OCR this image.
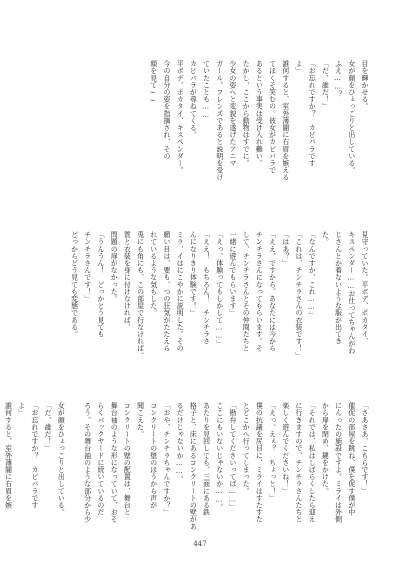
目を輝かせる。

女が顔をひょっこりと出している。

ふえ……？

「だ、誰だ！」

「お忘れですか？　カピバラです

よ」

誰何すると、室外薄闇に右眉を嫉える

てほくそ笑むの。彼女がカピバラで

あるという事実は受け入れ難い。

たかし、ここから動物はすでに。

少女の姿へと変貌を遂げたアニマ

ガール。フレンズであると説明を受け

ていたことも……

カピバラが尋ねてくる。

平ボデ、ポカタイ、キスペンダー。

今の自分の姿を指摘され、その

顔を見て──

見守っていた。平ボデ、ポカタイ、

キスペンダー……お仕ってちゃんがわ

じさんとか着ないような服が出てき

た。

「なんですか、これ……」

「これは、チンチラさんの衣装です！」

「はあ？」

「ええ、ですから、あなたには今から

チンチラさんになってもらいます。そ

して、チンチラさんとその仲間たちと

一緒に遊んでもらいます」

「えっ、体験ってもしかして……」

「ええ！　もちろん！　チンチラさ

んになりきり体験です！」

ミラ、イはにこやかに説明した。その

願い目は、要も、つの狂気がたたえら

れているような気もした。

兎にも角にも、この部屋で行なければ、

質と衣装を身に付けなければ、

問題の扉がなかった。

「うんうん！　どっかとう見ても

チンチラさんです！」

どっからどう見ても変態である。

「さあさあ、こちらです！」

催促の部屋を跳ね、僕を促す僕が中

にんったの施設ですよ。ミライは外側

から扉を閉め、鍵をかけた。

「それでは、私はしばらくしたら迎え

に行きますので、チンチラさんたちと

楽しく遊んでくださいね！」

「えっ、えぇ？　ちょっと！」

僕の抗議を尻目に、ミライはすたすた

とどこかへ行ってしまった。

「勘弁してくださいってば……」

ここにもいないじゃないか……。

あたりを見回しても、三面にある鉄

格子と、床にあるコンクリートの壁があ

るだけじゃないか……。

「おや、チンチラちゃんですか？」

コンクリートの壁のほうから声が

聞こえた。

コンクリートの壁の配置は、舞台と

舞台袖のような形になっていて、おそ

らくバックヤードに続いているのだ

ろう。その舞台袖のような部分から少

女が顔をひょっこりと出している。

「だ、誰だ！」

「お忘れですか？　カピバラです

よ」

誰何すると、室外薄闇に右眉を嫉

447
